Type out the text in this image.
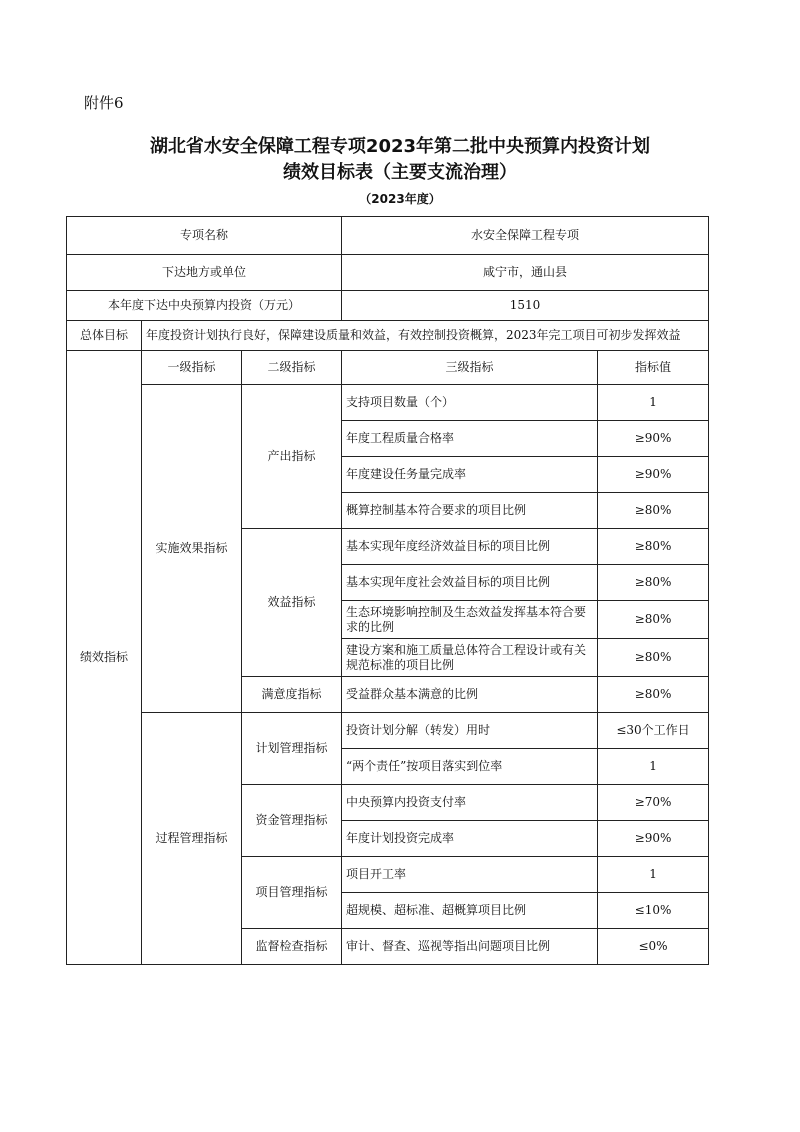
附件6
湖北省水安全保障工程专项2023年第二批中央预算内投资计划
绩效目标表（主要支流治理）
（2023年度）
专项名称			水安全保障工程专项	
下达地方或单位			咸宁市，通山县	
本年度下达中央预算内投资（万元）			1510	
总体目标	年度投资计划执行良好，保障建设质量和效益，有效控制投资概算，2023年完工项目可初步发挥效益			
绩效指标	一级指标	二级指标	三级指标	指标值
	实施效果指标	产出指标	支持项目数量（个）	1
			年度工程质量合格率	≥90%
			年度建设任务量完成率	≥90%
			概算控制基本符合要求的项目比例	≥80%
		效益指标	基本实现年度经济效益目标的项目比例	≥80%
			基本实现年度社会效益目标的项目比例	≥80%
			生态环境影响控制及生态效益发挥基本符合要求的比例	≥80%
			建设方案和施工质量总体符合工程设计或有关规范标准的项目比例	≥80%
		满意度指标	受益群众基本满意的比例	≥80%
	过程管理指标	计划管理指标	投资计划分解（转发）用时	≤30个工作日
			“两个责任”按项目落实到位率	1
		资金管理指标	中央预算内投资支付率	≥70%
			年度计划投资完成率	≥90%
		项目管理指标	项目开工率	1
			超规模、超标准、超概算项目比例	≤10%
		监督检查指标	审计、督查、巡视等指出问题项目比例	≤0%
